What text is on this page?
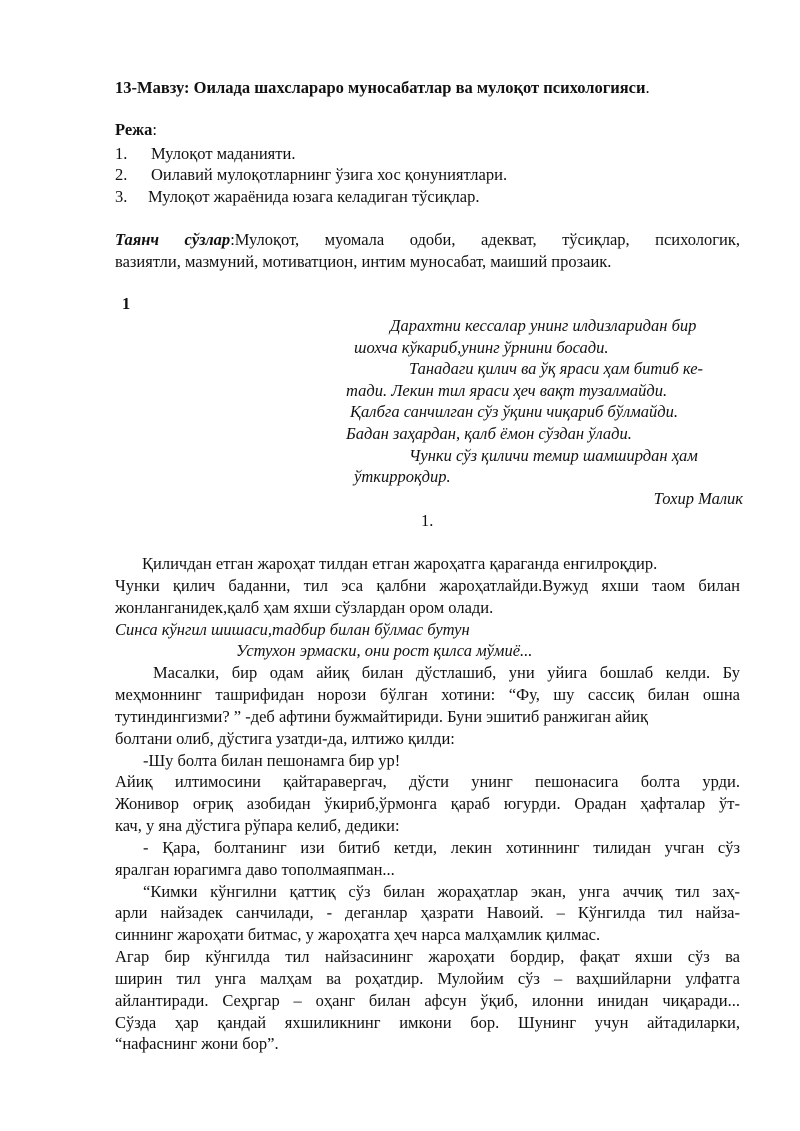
13-Мавзу: Оилада шахслараро муносабатлар ва мулоқот психологияси.
Режа:
1. Мулоқот маданияти.
2. Оилавий мулоқотларнинг ўзига хос қонуниятлари.
3. Мулоқот жараёнида юзага келадиган тўсиқлар.
Таянч сўзлар:Мулоқот, муомала одоби, адекват, тўсиқлар, психологик,
вазиятли, мазмуний, мотиватцион, интим муносабат, маиший прозаик.
1
Дарахтни кессалар унинг илдизларидан бир
шохча кўкариб,унинг ўрнини босади.
Танадаги қилич ва ўқ яраси ҳам битиб ке-
тади. Лекин тил яраси ҳеч вақт тузалмайди.
Қалбга санчилган сўз ўқини чиқариб бўлмайди.
Бадан заҳардан, қалб ёмон сўздан ўлади.
Чунки сўз қиличи темир шамширдан ҳам
ўткирроқдир.
Тохир Малик
1.
Қиличдан етган жароҳат тилдан етган жароҳатга қараганда енгилроқдир.
Чунки қилич баданни, тил эса қалбни жароҳатлайди.Вужуд яхши таом билан
жонланганидек,қалб ҳам яхши сўзлардан ором олади.
Синса кўнгил шишаси,тадбир билан бўлмас бутун
Устухон эрмаски, они рост қилса мўмиё...
Масалки, бир одам айиқ билан дўстлашиб, уни уйига бошлаб келди. Бу
меҳмоннинг ташрифидан норози бўлган хотини: “Фу, шу сассиқ билан ошна
тутиндингизми? ” -деб афтини бужмайтириди. Буни эшитиб ранжиган айиқ
болтани олиб, дўстига узатди-да, илтижо қилди:
-Шу болта билан пешонамга бир ур!
Айиқ илтимосини қайтаравергач, дўсти унинг пешонасига болта урди.
Жонивор оғриқ азобидан ўкириб,ўрмонга қараб югурди. Орадан ҳафталар ўт-
кач, у яна дўстига рўпара келиб, дедики:
- Қара, болтанинг изи битиб кетди, лекин хотиннинг тилидан учган сўз
яралган юрагимга даво тополмаяпман...
“Кимки кўнгилни қаттиқ сўз билан жораҳатлар экан, унга аччиқ тил заҳ-
арли найзадек санчилади, - деганлар ҳазрати Навоий. – Кўнгилда тил найза-
синнинг жароҳати битмас, у жароҳатга ҳеч нарса малҳамлик қилмас.
Агар бир кўнгилда тил найзасининг жароҳати бордир, фақат яхши сўз ва
ширин тил унга малҳам ва роҳатдир. Мулойим сўз – ваҳшийларни улфатга
айлантиради. Сеҳргар – оҳанг билан афсун ўқиб, илонни инидан чиқаради...
Сўзда ҳар қандай яхшиликнинг имкони бор. Шунинг учун айтадиларки,
“нафаснинг жони бор”.
